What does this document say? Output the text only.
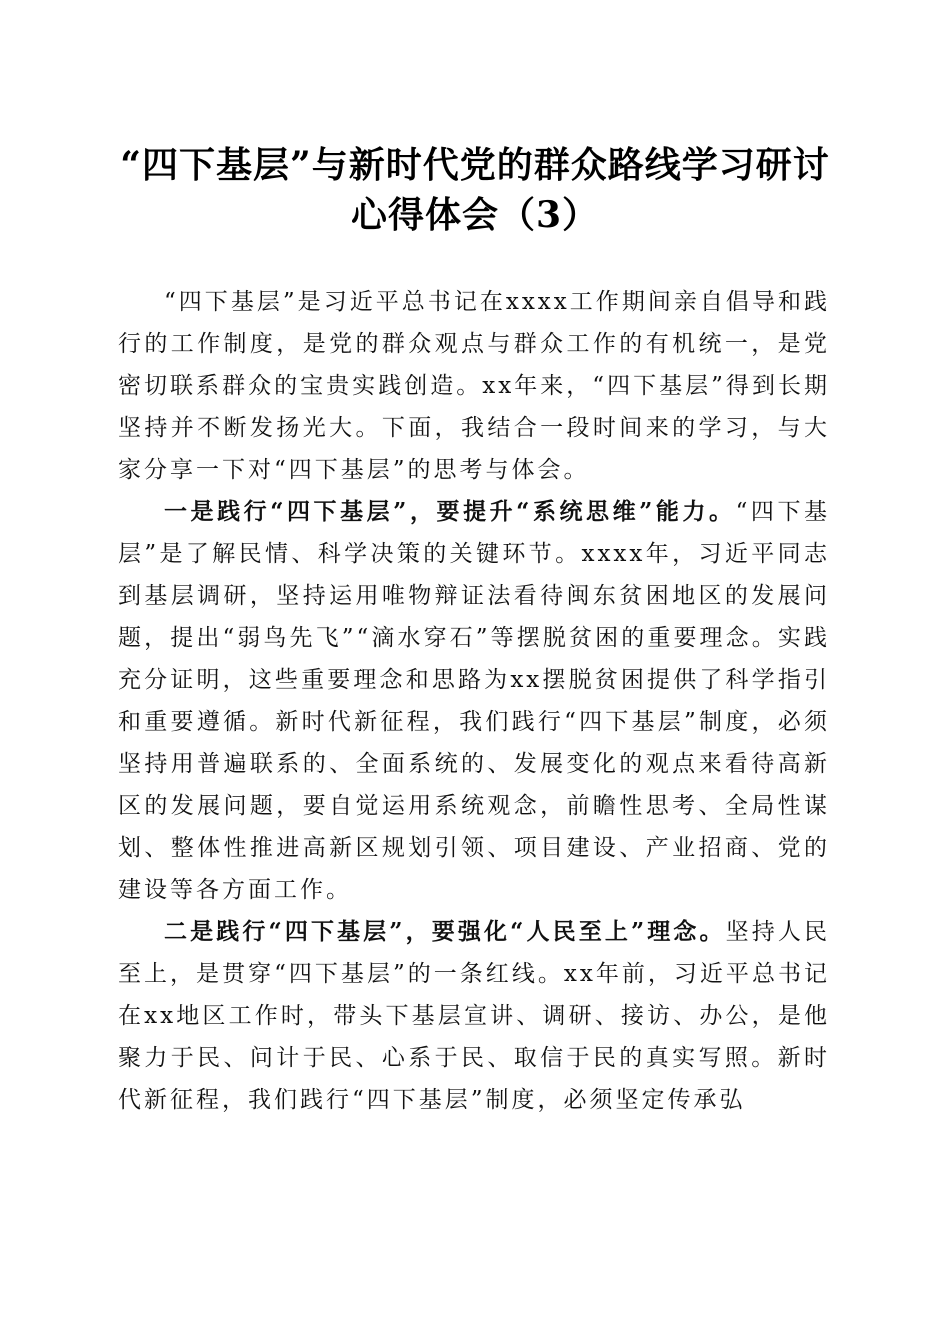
“四下基层”与新时代党的群众路线学习研讨
心得体会（3）

“四下基层”是习近平总书记在xxxx工作期间亲自倡导和践行的工作制度，是党的群众观点与群众工作的有机统一，是党密切联系群众的宝贵实践创造。xx年来，“四下基层”得到长期坚持并不断发扬光大。下面，我结合一段时间来的学习，与大家分享一下对“四下基层”的思考与体会。

一是践行“四下基层”，要提升“系统思维”能力。“四下基层”是了解民情、科学决策的关键环节。xxxx年，习近平同志到基层调研，坚持运用唯物辩证法看待闽东贫困地区的发展问题，提出“弱鸟先飞”“滴水穿石”等摆脱贫困的重要理念。实践充分证明，这些重要理念和思路为xx摆脱贫困提供了科学指引和重要遵循。新时代新征程，我们践行“四下基层”制度，必须坚持用普遍联系的、全面系统的、发展变化的观点来看待高新区的发展问题，要自觉运用系统观念，前瞻性思考、全局性谋划、整体性推进高新区规划引领、项目建设、产业招商、党的建设等各方面工作。

二是践行“四下基层”，要强化“人民至上”理念。坚持人民至上，是贯穿“四下基层”的一条红线。xx年前，习近平总书记在xx地区工作时，带头下基层宣讲、调研、接访、办公，是他聚力于民、问计于民、心系于民、取信于民的真实写照。新时代新征程，我们践行“四下基层”制度，必须坚定传承弘
